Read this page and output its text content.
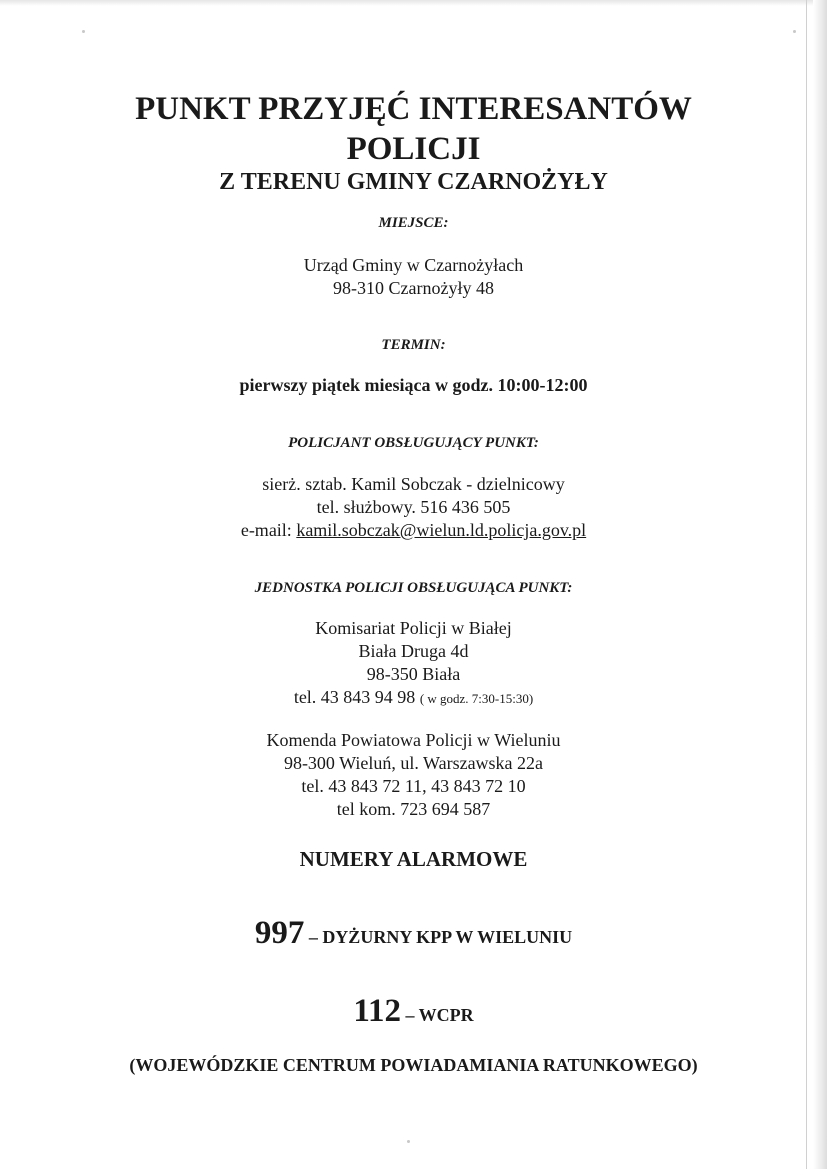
PUNKT PRZYJĘĆ INTERESANTÓW
POLICJI
Z TERENU GMINY CZARNOŻYŁY
MIEJSCE:
Urząd Gminy w Czarnożyłach
98-310 Czarnożyły 48
TERMIN:
pierwszy piątek miesiąca w godz. 10:00-12:00
POLICJANT OBSŁUGUJĄCY PUNKT:
sierż. sztab. Kamil Sobczak - dzielnicowy
tel. służbowy. 516 436 505
e-mail: kamil.sobczak@wielun.ld.policja.gov.pl
JEDNOSTKA POLICJI OBSŁUGUJĄCA PUNKT:
Komisariat Policji w Białej
Biała Druga 4d
98-350 Biała
tel. 43 843 94 98 ( w godz. 7:30-15:30)
Komenda Powiatowa Policji w Wieluniu
98-300 Wieluń, ul. Warszawska 22a
tel. 43 843 72 11, 43 843 72 10
tel kom. 723 694 587
NUMERY ALARMOWE
997 – DYŻURNY KPP W WIELUNIU
112 – WCPR
(WOJEWÓDZKIE CENTRUM POWIADAMIANIA RATUNKOWEGO)
